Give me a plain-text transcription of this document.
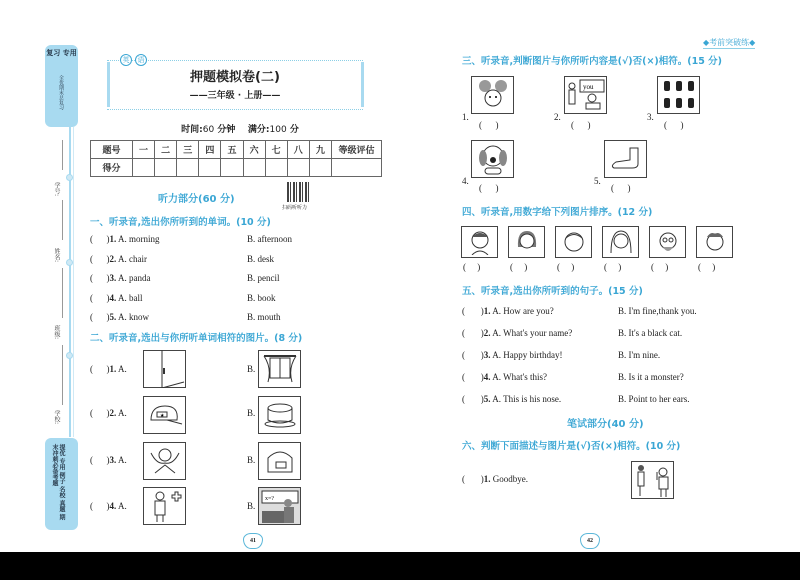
复习 专用
全优期末总复习
学号:
姓名:
班级:
学校:
提优 专用 例子 名校 真题 期末冲刺必备考题
英	语
押题模拟卷(二)
——三年级 · 上册——
时间:60 分钟 满分:100 分
题号	一	二	三	四	五	六	七	八	九	等级评估
得分										
听力部分(60 分)
扫码听听力
一、听录音,选出你所听到的单词。(10 分)
(      )1. A. morning	B. afternoon
(      )2. A. chair	B. desk
(      )3. A. panda	B. pencil
(      )4. A. ball	B. book
(      )5. A. know	B. mouth
二、听录音,选出与你所听单词相符的图片。(8 分)
(      )1. A.	B.
(      )2. A.	★	B.
(      )3. A.	B.
(      )4. A.	B.
x=?
41
◆考前突破练◆
三、听录音,判断图片与你所听内容是(√)否(×)相符。(15 分)
1.
(      )
you
2.
(      )
3.
(      )
4.
(      )
5.
(      )
四、听录音,用数字给下列图片排序。(12 分)
(     )	(     )	(     )	(     )	(     )	(     )
五、听录音,选出你所听到的句子。(15 分)
(       )1. A. How are you?	B. I'm fine,thank you.
(       )2. A. What's your name?	B. It's a black cat.
(       )3. A. Happy birthday!	B. I'm nine.
(       )4. A. What's this?	B. Is it a monster?
(       )5. A. This is his nose.	B. Point to her ears.
笔试部分(40 分)
六、判断下面描述与图片是(√)否(×)相符。(10 分)
(       )1. Goodbye.
42
